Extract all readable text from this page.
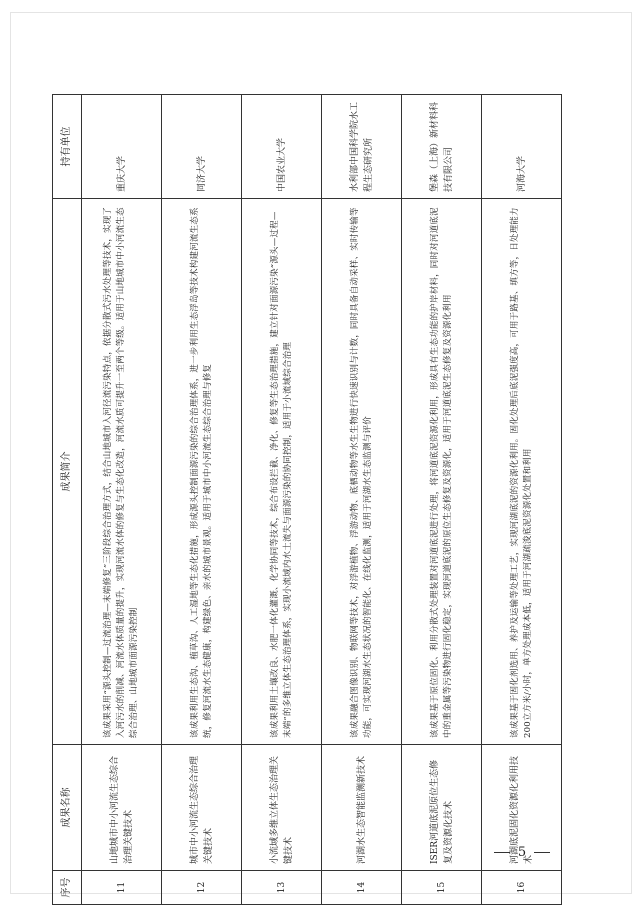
序号	成果名称	成果简介	持有单位
11	山地城市中小河流生态综合治理关键技术	该成果采用“源头控制—过流治理—末端修复”三阶段综合治理方式，结合山地城市入河径流污染特点，依据分散式污水处理等技术，实现了入河污水的削减、河流水体质量的提升，实现河流水体的修复与生态化改造，河流水质可提升一至两个等级。适用于山地城市中小河流生态综合治理、山地城市面源污染控制	重庆大学
12	城市中小河流生态综合治理关键技术	该成果利用生态沟、植草沟、人工湿地等生态化措施，形成源头控制面源污染的综合治理体系，进一步利用生态浮岛等技术构建河流生态系统，修复河流水生态健康，构建绿色、亲水的城市景观。适用于城市中小河流生态综合治理与修复	同济大学
13	小流域多维立体生态治理关键技术	该成果利用土壤改良、水肥一体化灌溉、化学协同等技术，综合布设拦截、净化、修复等生态治理措施，建立针对面源污染“源头—过程—末端”的多维立体生态治理体系，实现小流域内水土流失与面源污染的协同控制，适用于小流域综合治理	中国农业大学
14	河湖水生态智能监测新技术	该成果融合图像识别、物联网等技术，对浮游植物、浮游动物、底栖动物等水生生物进行快速识别与计数，同时具备自动采样、实时传输等功能，可实现河湖水生态状况的智能化、在线化监测，适用于河湖水生态监测与评价	水利部中国科学院水工程生态研究所
15	ISER河道底泥原位生态修复及资源化技术	该成果基于原位固化、利用分散式处理装置对河道底泥进行处理，将河道底泥资源化利用，形成具有生态功能的护岸材料，同时对河道底泥中的重金属等污染物进行固化稳定，实现河道底泥的原位生态修复及资源化，适用于河道底泥生态修复及资源化利用	堡森（上海）新材料科技有限公司
16	河湖底泥固化资源化利用技术	该成果基于固化剂选用、养护及运输等处理工艺，实现河湖底泥的资源化利用。固化处理后底泥强度高，可用于路基、填方等，日处理能力200立方米/小时，单方处理成本低，适用于河湖疏浚底泥资源化处置和利用	河海大学
5
